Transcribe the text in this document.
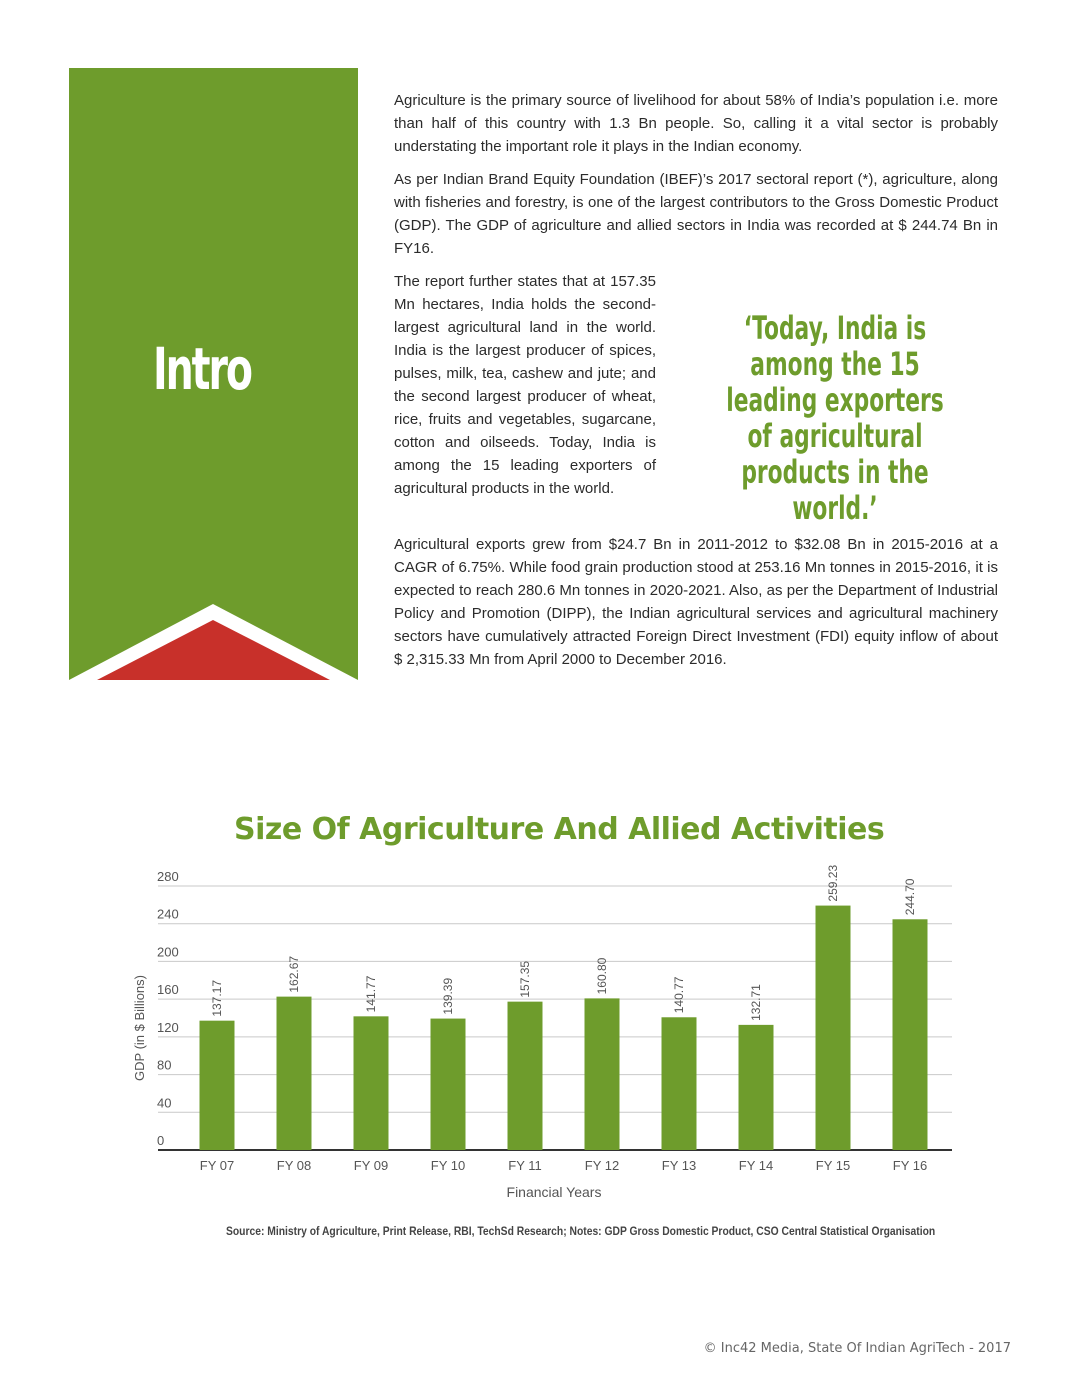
Intro

Agriculture is the primary source of livelihood for about 58% of India’s population i.e. more than half of this country with 1.3 Bn people. So, calling it a vital sector is probably understating the important role it plays in the Indian economy.

As per Indian Brand Equity Foundation (IBEF)’s 2017 sectoral report (*), agriculture, along with fisheries and forestry, is one of the largest contributors to the Gross Domestic Product (GDP). The GDP of agriculture and allied sectors in India was recorded at $ 244.74 Bn in FY16.

The report further states that at 157.35 Mn hectares, India holds the second-largest agricultural land in the world. India is the largest producer of spices, pulses, milk, tea, cashew and jute; and the second largest producer of wheat, rice, fruits and vegetables, sugarcane, cotton and oilseeds. Today, India is among the 15 leading exporters of agricultural products in the world.

‘Today, India is among the 15 leading exporters of agricultural products in the world.’

Agricultural exports grew from $24.7 Bn in 2011-2012 to $32.08 Bn in 2015-2016 at a CAGR of 6.75%. While food grain production stood at 253.16 Mn tonnes in 2015-2016, it is expected to reach 280.6 Mn tonnes in 2020-2021. Also, as per the Department of Industrial Policy and Promotion (DIPP), the Indian agricultural services and agricultural machinery sectors have cumulatively attracted Foreign Direct Investment (FDI) equity inflow of about $ 2,315.33 Mn from April 2000 to December 2016.

Size Of Agriculture And Allied Activities
0
40
80
120
160
200
240
280
GDP (in $ Billions)	137.17
FY 07
162.67
FY 08
141.77
FY 09
139.39
FY 10
157.35
FY 11
160.80
FY 12
140.77
FY 13
132.71
FY 14
259.23
FY 15
244.70
FY 16
Financial Years

Source: Ministry of Agriculture, Print Release, RBI, TechSd Research; Notes: GDP Gross Domestic Product, CSO Central Statistical Organisation

© Inc42 Media, State Of Indian AgriTech - 2017
